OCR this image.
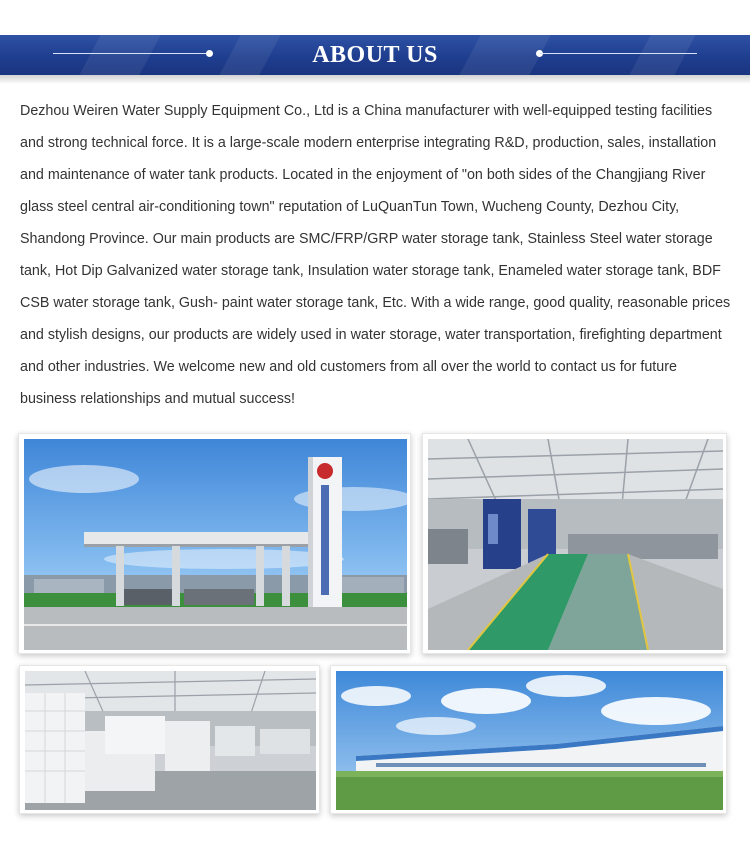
ABOUT US

Dezhou Weiren Water Supply Equipment Co., Ltd is a China manufacturer with well-equipped testing facilities and strong technical force. It is a large-scale modern enterprise integrating R&D, production, sales, installation and maintenance of water tank products. Located in the enjoyment of "on both sides of the Changjiang River glass steel central air-conditioning town" reputation of LuQuanTun Town, Wucheng County, Dezhou City, Shandong Province. Our main products are SMC/FRP/GRP water storage tank, Stainless Steel water storage tank, Hot Dip Galvanized water storage tank, Insulation water storage tank, Enameled water storage tank, BDF CSB water storage tank, Gush- paint water storage tank, Etc. With a wide range, good quality, reasonable prices and stylish designs, our products are widely used in water storage, water transportation, firefighting department and other industries. We welcome new and old customers from all over the world to contact us for future business relationships and mutual success!
